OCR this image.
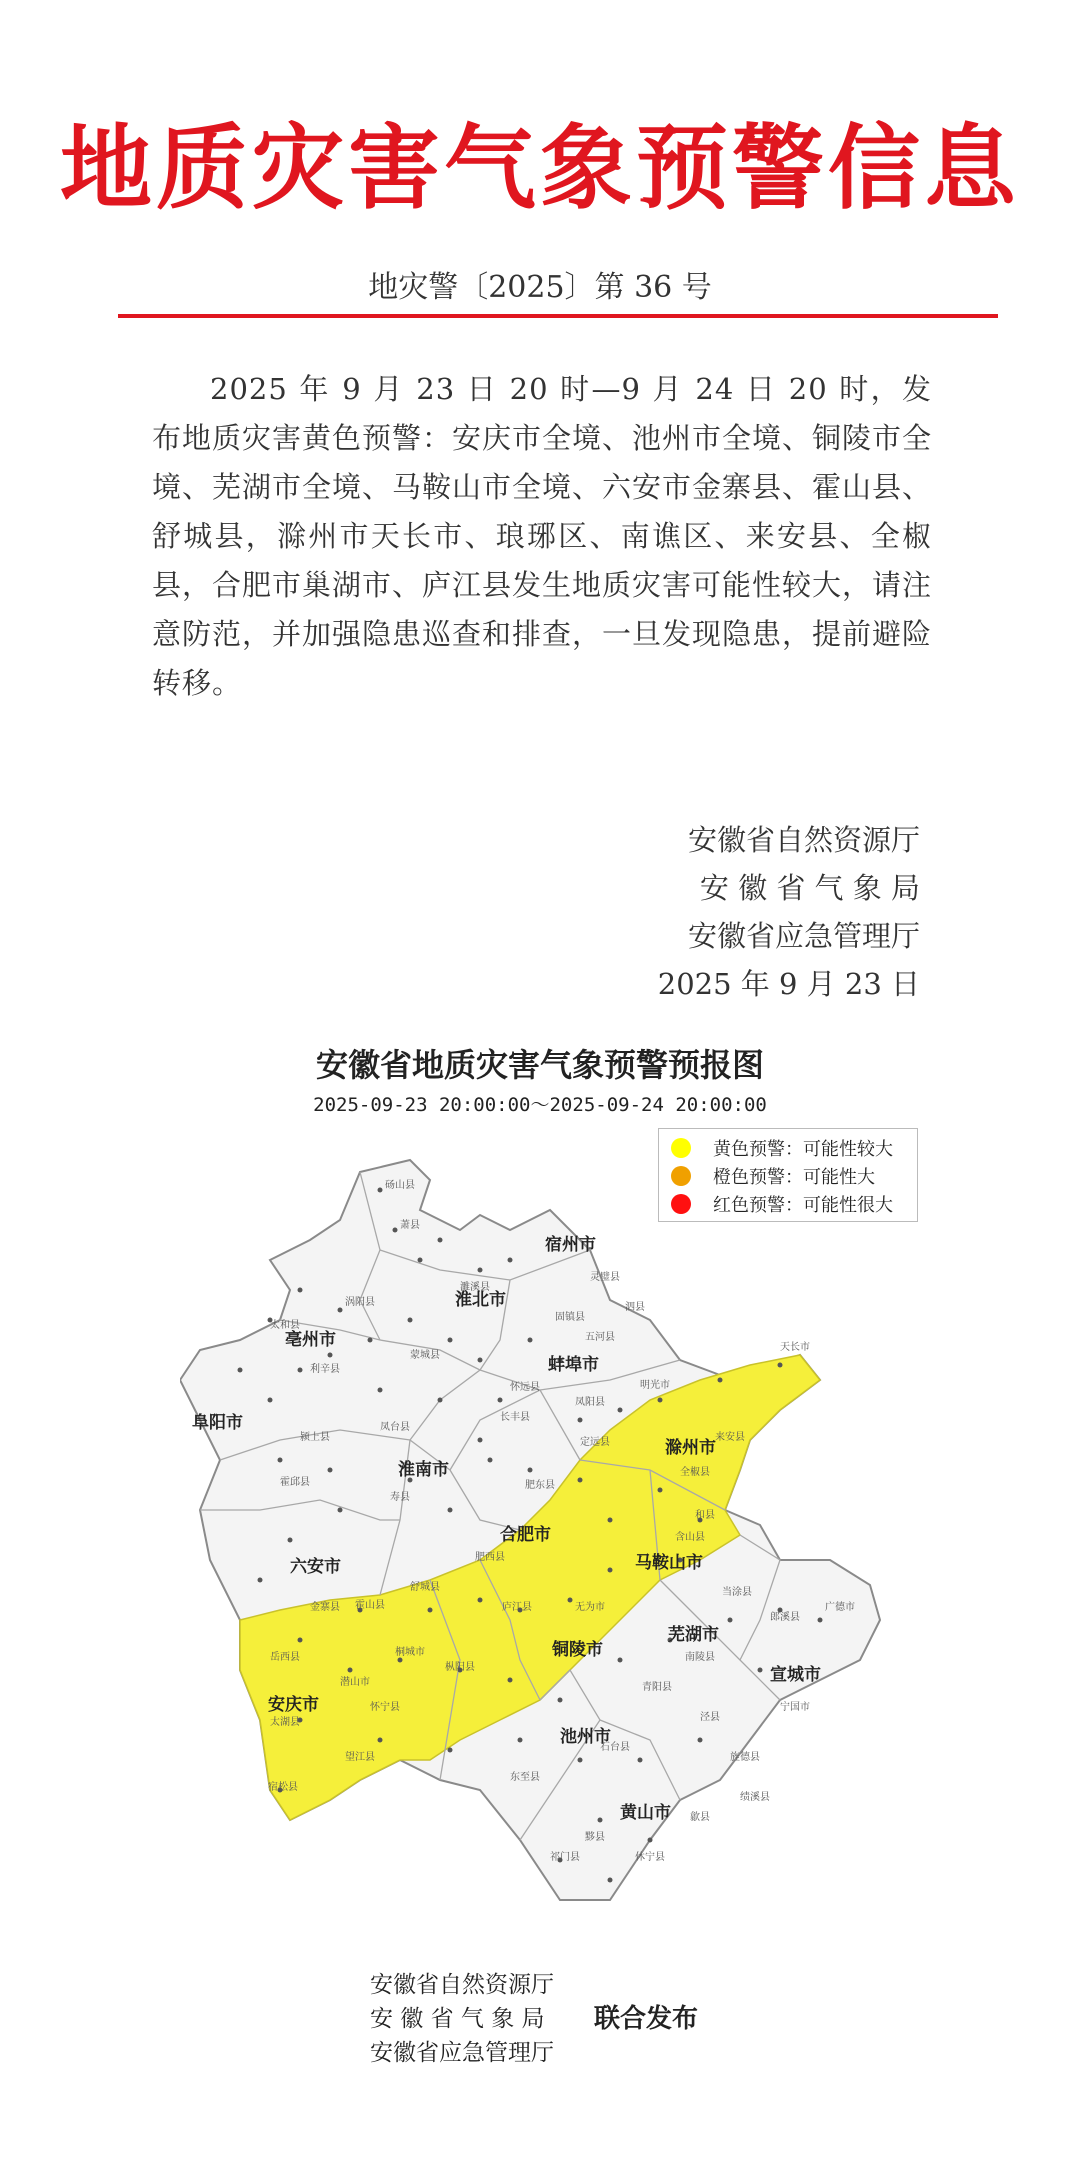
地质灾害气象预警信息
地灾警〔2025〕第 36 号
2025 年 9 月 23 日 20 时—9 月 24 日 20 时，发布地质灾害黄色预警：安庆市全境、池州市全境、铜陵市全境、芜湖市全境、马鞍山市全境、六安市金寨县、霍山县、舒城县，滁州市天长市、琅琊区、南谯区、来安县、全椒县，合肥市巢湖市、庐江县发生地质灾害可能性较大，请注意防范，并加强隐患巡查和排查，一旦发现隐患，提前避险转移。
安徽省自然资源厅
安 徽 省 气 象 局
安徽省应急管理厅
2025 年 9 月 23 日
安徽省地质灾害气象预警预报图
2025-09-23 20:00:00～2025-09-24 20:00:00
黄色预警：可能性较大
橙色预警：可能性大
红色预警：可能性很大
宿州市
淮北市
亳州市
蚌埠市
阜阳市
淮南市
滁州市
合肥市
六安市	马鞍山市
芜湖市
铜陵市
安庆市
池州市
宣城市
黄山市
砀山县
萧县
灵璧县
泗县
濉溪县
涡阳县
蒙城县
怀远县
五河县
固镇县
太和县
利辛县
颍上县
凤台县
寿县
定远县
明光市
凤阳县
天长市
来安县
全椒县
肥东县
肥西县
长丰县
庐江县	无为市
含山县
和县
当涂县
金寨县 霍山县
舒城县
霍邱县
岳西县
潜山市
太湖县
宿松县
望江县
怀宁县
桐城市
枞阳县
东至县
石台县
青阳县
泾县
旌德县
绩溪县
歙县
休宁县
黟县
祁门县
广德市
宁国市
郎溪县
南陵县
安徽省自然资源厅
安 徽 省 气 象 局
安徽省应急管理厅
联合发布
